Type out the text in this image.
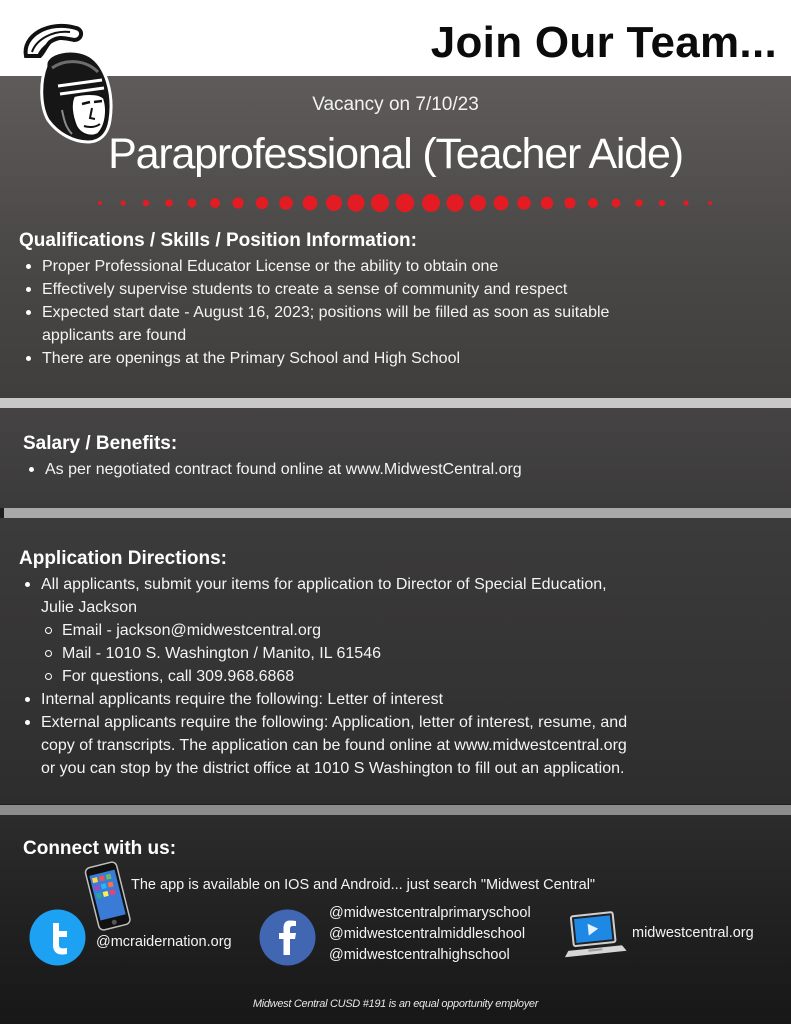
Join Our Team...
Vacancy on 7/10/23
Paraprofessional (Teacher Aide)
Qualifications / Skills / Position Information:
Proper Professional Educator License or the ability to obtain one
Effectively supervise students to create a sense of community and respect
Expected start date - August 16, 2023; positions will be filled as soon as suitable
applicants are found
There are openings at the Primary School and High School
Salary / Benefits:
As per negotiated contract found online at www.MidwestCentral.org
Application Directions:
All applicants, submit your items for application to Director of Special Education,
Julie Jackson
Email - jackson@midwestcentral.org
Mail - 1010 S. Washington / Manito, IL 61546
For questions, call 309.968.6868
Internal applicants require the following: Letter of interest
External applicants require the following: Application, letter of interest, resume, and
copy of transcripts. The application can be found online at www.midwestcentral.org
or you can stop by the district office at 1010 S Washington to fill out an application.
Connect with us:
The app is available on IOS and Android... just search "Midwest Central"
@mcraidernation.org
@midwestcentralprimaryschool
@midwestcentralmiddleschool
@midwestcentralhighschool
midwestcentral.org
Midwest Central CUSD #191 is an equal opportunity employer
